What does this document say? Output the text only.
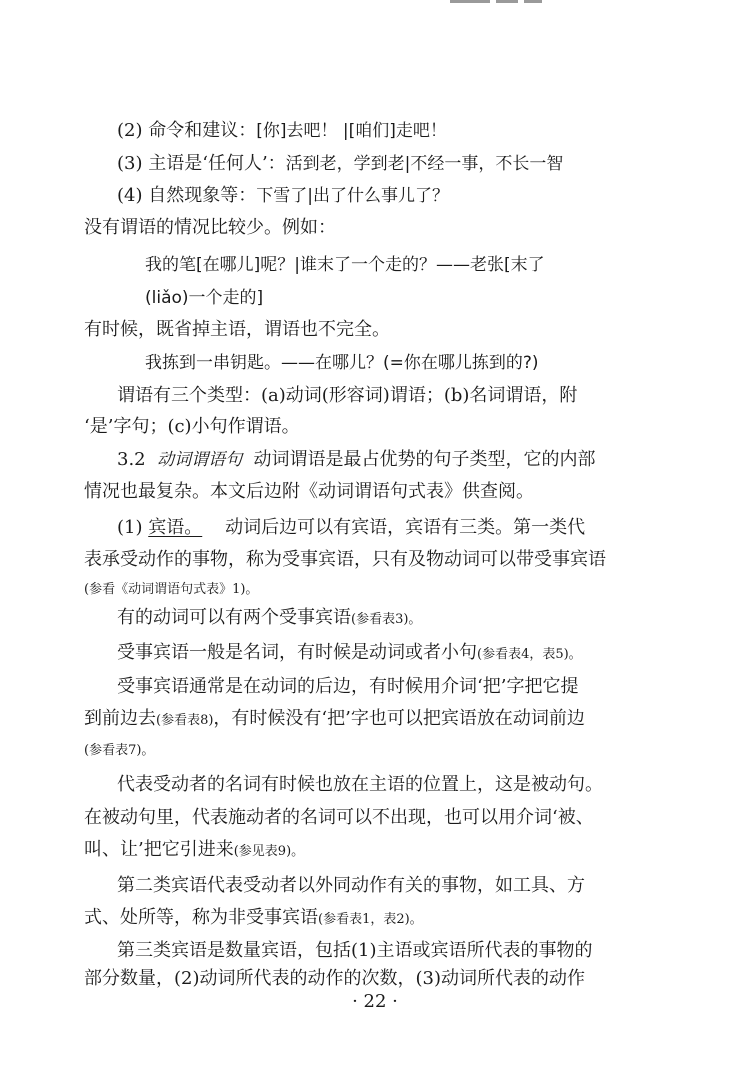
(2) 命令和建议：[你]去吧！ |[咱们]走吧！
(3) 主语是‘任何人’：活到老，学到老|不经一事，不长一智
(4) 自然现象等：下雪了|出了什么事儿了？
没有谓语的情况比较少。例如：
我的笔[在哪儿]呢？|谁末了一个走的？——老张[末了
(liǎo)一个走的]
有时候，既省掉主语，谓语也不完全。
我拣到一串钥匙。——在哪儿？(=你在哪儿拣到的?)
谓语有三个类型：(a)动词(形容词)谓语；(b)名词谓语，附
‘是’字句；(c)小句作谓语。
3.2 动词谓语句 动词谓语是最占优势的句子类型，它的内部
情况也最复杂。本文后边附《动词谓语句式表》供查阅。
(1) 宾语。 动词后边可以有宾语，宾语有三类。第一类代
表承受动作的事物，称为受事宾语，只有及物动词可以带受事宾语
(参看《动词谓语句式表》1)。
有的动词可以有两个受事宾语(参看表3)。
受事宾语一般是名词，有时候是动词或者小句(参看表4，表5)。
受事宾语通常是在动词的后边，有时候用介词‘把’字把它提
到前边去(参看表8)，有时候没有‘把’字也可以把宾语放在动词前边
(参看表7)。
代表受动者的名词有时候也放在主语的位置上，这是被动句。
在被动句里，代表施动者的名词可以不出现，也可以用介词‘被、
叫、让’把它引进来(参见表9)。
第二类宾语代表受动者以外同动作有关的事物，如工具、方
式、处所等，称为非受事宾语(参看表1，表2)。
第三类宾语是数量宾语，包括(1)主语或宾语所代表的事物的
部分数量，(2)动词所代表的动作的次数，(3)动词所代表的动作
· 22 ·
